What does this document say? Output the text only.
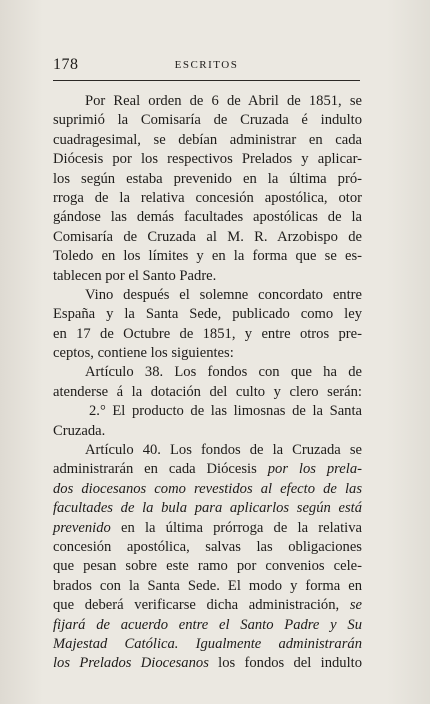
178	ESCRITOS
Por Real orden de 6 de Abril de 1851, se
suprimió la Comisaría de Cruzada é indulto
cuadragesimal, se debían administrar en cada
Diócesis por los respectivos Prelados y aplicar-
los según estaba prevenido en la última pró-
rroga de la relativa concesión apostólica, otor
gándose las demás facultades apostólicas de la
Comisaría de Cruzada al M. R. Arzobispo de
Toledo en los límites y en la forma que se es-
tablecen por el Santo Padre.
Vino después el solemne concordato entre
España y la Santa Sede, publicado como ley
en 17 de Octubre de 1851, y entre otros pre-
ceptos, contiene los siguientes:
Artículo 38. Los fondos con que ha de
atenderse á la dotación del culto y clero serán:
2.° El producto de las limosnas de la Santa
Cruzada.
Artículo 40. Los fondos de la Cruzada se
administrarán en cada Diócesis por los prela-
dos diocesanos como revestidos al efecto de las
facultades de la bula para aplicarlos según está
prevenido en la última prórroga de la relativa
concesión apostólica, salvas las obligaciones
que pesan sobre este ramo por convenios cele-
brados con la Santa Sede. El modo y forma en
que deberá verificarse dicha administración, se
fijará de acuerdo entre el Santo Padre y Su
Majestad Católica. Igualmente administrarán
los Prelados Diocesanos los fondos del indulto
